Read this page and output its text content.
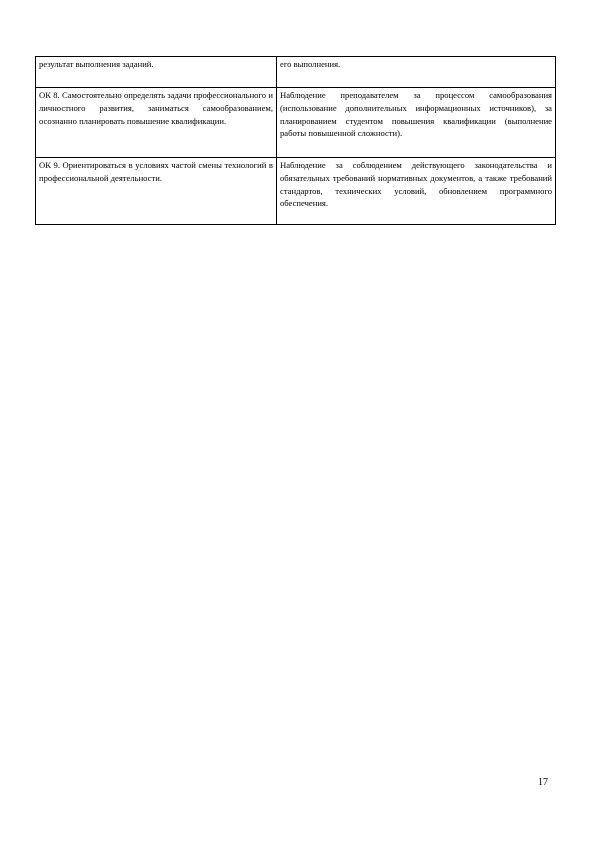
результат выполнения заданий.	его выполнения.
ОК 8. Самостоятельно определять задачи профессионального и личностного развития, заниматься самообразованием, осознанно планировать повышение квалификации.	Наблюдение преподавателем за процессом самообразования (использование дополнительных информационных источников), за планированием студентом повышения квалификации (выполнение работы повышенной сложности).
ОК 9. Ориентироваться в условиях частой смены технологий в профессиональной деятельности.	Наблюдение за соблюдением действующего законодательства и обязательных требований нормативных документов, а также требований стандартов, технических условий, обновлением программного обеспечения.
17
